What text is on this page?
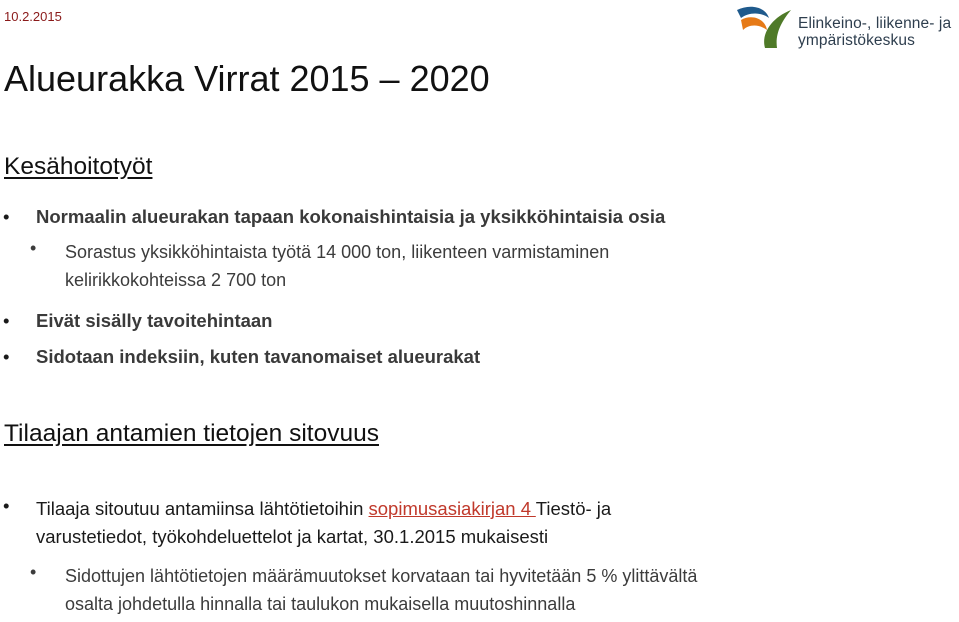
10.2.2015	Elinkeino-, liikenne- ja
ympäristökeskus
Alueurakka Virrat 2015 – 2020
Kesähoitotyöt
• Normaalin alueurakan tapaan kokonaishintaisia ja yksikköhintaisia osia
• Sorastus yksikköhintaista työtä 14 000 ton, liikenteen varmistaminen
kelirikkokohteissa 2 700 ton
• Eivät sisälly tavoitehintaan
• Sidotaan indeksiin, kuten tavanomaiset alueurakat
Tilaajan antamien tietojen sitovuus
• Tilaaja sitoutuu antamiinsa lähtötietoihin sopimusasiakirjan 4 Tiestö- ja
varustetiedot, työkohdeluettelot ja kartat, 30.1.2015 mukaisesti
• Sidottujen lähtötietojen määrämuutokset korvataan tai hyvitetään 5 % ylittävältä
osalta johdetulla hinnalla tai taulukon mukaisella muutoshinnalla
